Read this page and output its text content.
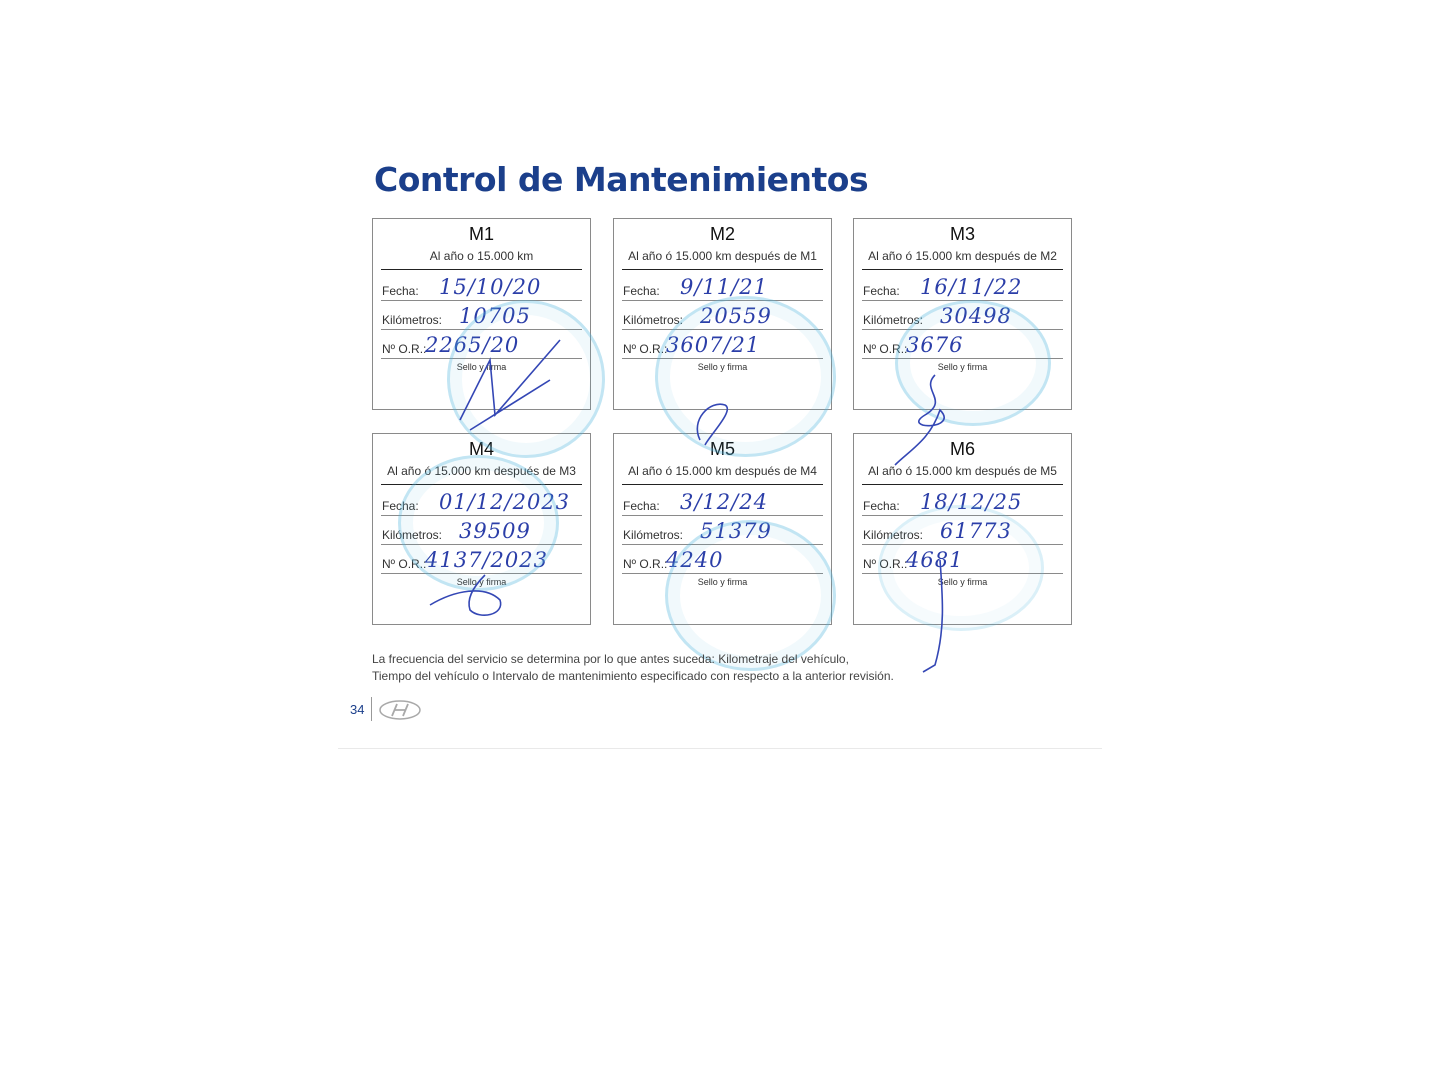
Control de Mantenimientos
M1
Al año o 15.000 km
Fecha: 15/10/20
Kilómetros: 10705
Nº O.R.:
2265/20
Sello y firma
M2
Al año ó 15.000 km después de M1
Fecha: 9/11/21
Kilómetros: 20559
Nº O.R.:
3607/21
Sello y firma
M3
Al año ó 15.000 km después de M2
Fecha: 16/11/22
Kilómetros: 30498
Nº O.R.:
3676
Sello y firma
M4
Al año ó 15.000 km después de M3
Fecha: 01/12/2023
Kilómetros: 39509
Nº O.R.:
4137/2023
Sello y firma
M5
Al año ó 15.000 km después de M4
Fecha: 3/12/24
Kilómetros: 51379
Nº O.R.:
4240
Sello y firma
M6
Al año ó 15.000 km después de M5
Fecha: 18/12/25
Kilómetros: 61773
Nº O.R.:
4681
Sello y firma
La frecuencia del servicio se determina por lo que antes suceda: Kilometraje del vehículo,
Tiempo del vehículo o Intervalo de mantenimiento especificado con respecto a la anterior revisión.
34
